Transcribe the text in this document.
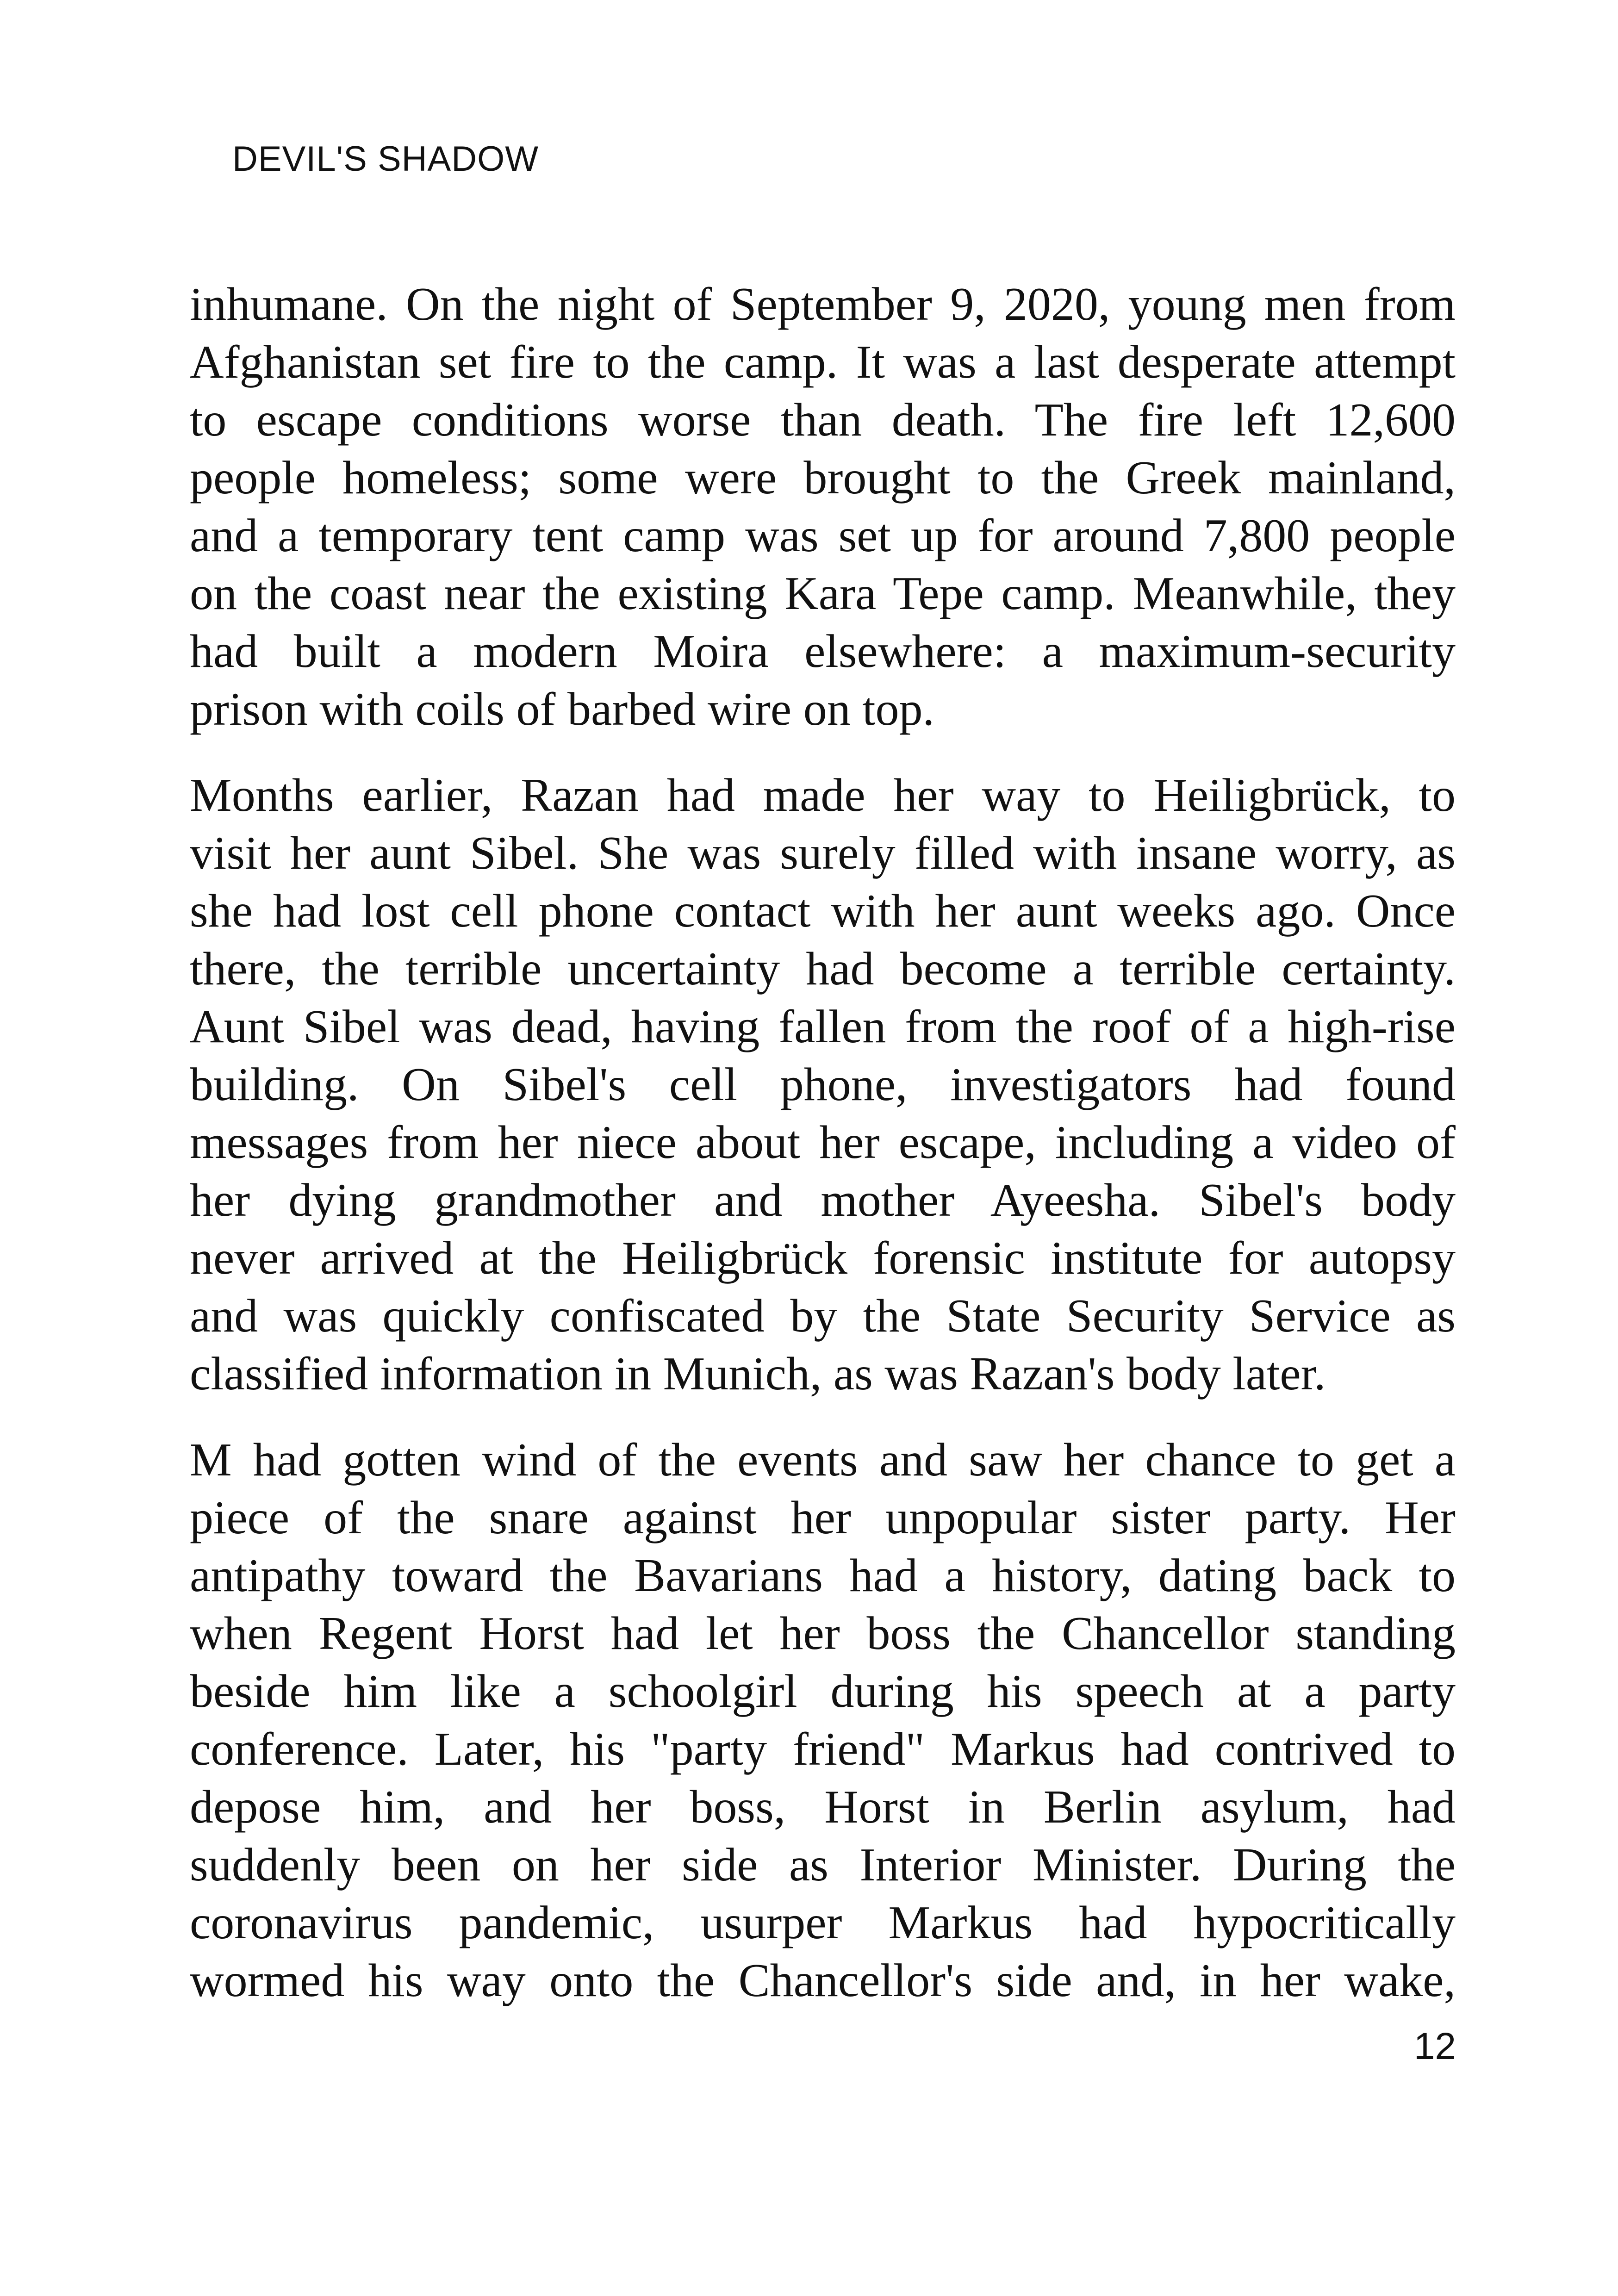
DEVIL'S SHADOW

inhumane. On the night of September 9, 2020, young men from
Afghanistan set fire to the camp. It was a last desperate attempt
to escape conditions worse than death. The fire left 12,600
people homeless; some were brought to the Greek mainland,
and a temporary tent camp was set up for around 7,800 people
on the coast near the existing Kara Tepe camp. Meanwhile, they
had built a modern Moira elsewhere: a maximum-security
prison with coils of barbed wire on top.

Months earlier, Razan had made her way to Heiligbrück, to
visit her aunt Sibel. She was surely filled with insane worry, as
she had lost cell phone contact with her aunt weeks ago. Once
there, the terrible uncertainty had become a terrible certainty.
Aunt Sibel was dead, having fallen from the roof of a high-rise
building. On Sibel's cell phone, investigators had found
messages from her niece about her escape, including a video of
her dying grandmother and mother Ayeesha. Sibel's body
never arrived at the Heiligbrück forensic institute for autopsy
and was quickly confiscated by the State Security Service as
classified information in Munich, as was Razan's body later.

M had gotten wind of the events and saw her chance to get a
piece of the snare against her unpopular sister party. Her
antipathy toward the Bavarians had a history, dating back to
when Regent Horst had let her boss the Chancellor standing
beside him like a schoolgirl during his speech at a party
conference. Later, his "party friend" Markus had contrived to
depose him, and her boss, Horst in Berlin asylum, had
suddenly been on her side as Interior Minister. During the
coronavirus pandemic, usurper Markus had hypocritically
wormed his way onto the Chancellor's side and, in her wake,

12
